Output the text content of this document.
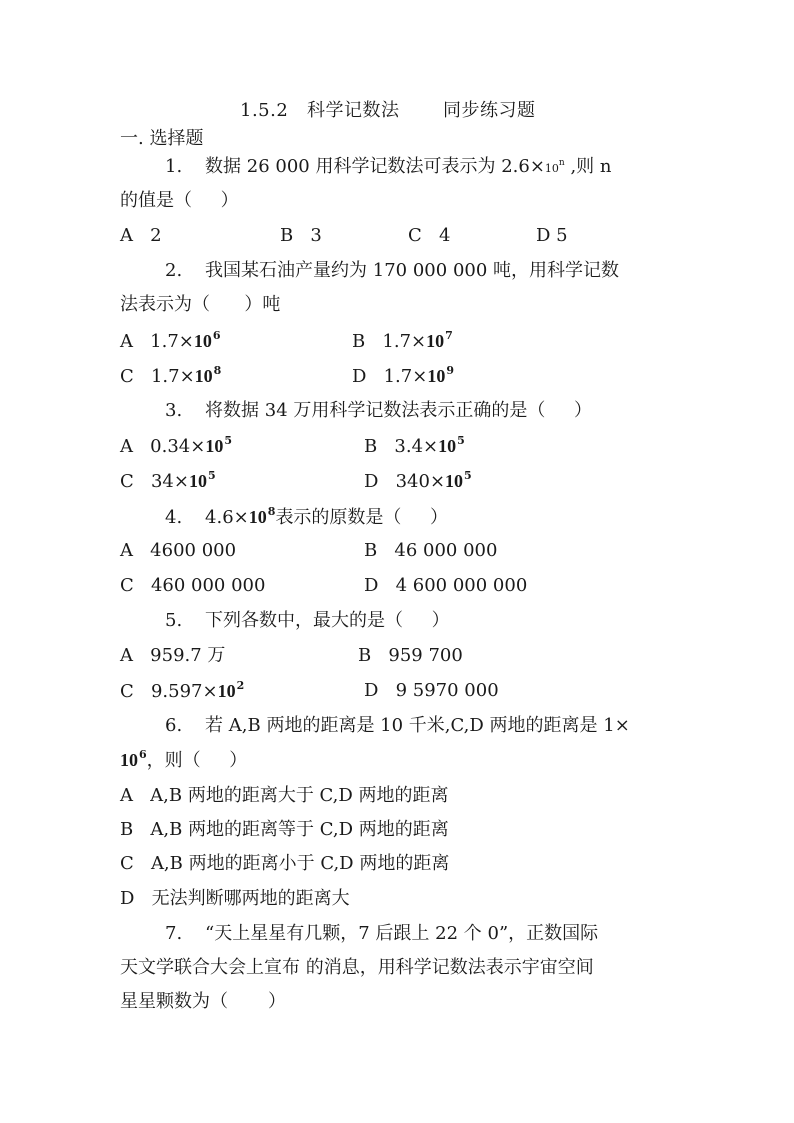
1.5.2   科学记数法       同步练习题
一. 选择题
1.    数据 26 000 用科学记数法可表示为 $2.6\times 10^n$ ,则 n
的值是（     ）
A   2	B   3	C   4	D 5
2.    我国某石油产量约为 170 000 000 吨，用科学记数
法表示为（      ）吨
A   $1.7\times 10^6$	B   $1.7\times 10^7$
C   $1.7\times 10^8$	D   $1.7\times 10^9$
3.    将数据 34 万用科学记数法表示正确的是（     ）
A   $0.34\times 10^5$	B   $3.4\times 10^5$
C   $34\times 10^5$	D   $340\times 10^5$
4.    $4.6\times 10^8$表示的原数是（     ）
A   4600 000	B   46 000 000
C   460 000 000	D   4 600 000 000
5.    下列各数中，最大的是（     ）
A   959.7 万	B   959 700
C   $9.597\times 10^2$	D   9 5970 000
6.    若 A,B 两地的距离是 10 千米,C,D 两地的距离是 1×
$10^6$，则（     ）
A   A,B 两地的距离大于 C,D 两地的距离
B   A,B 两地的距离等于 C,D 两地的距离
C   A,B 两地的距离小于 C,D 两地的距离
D   无法判断哪两地的距离大
7.    “天上星星有几颗，7 后跟上 22 个 0”，正数国际
天文学联合大会上宣布 的消息，用科学记数法表示宇宙空间
星星颗数为（       ）
